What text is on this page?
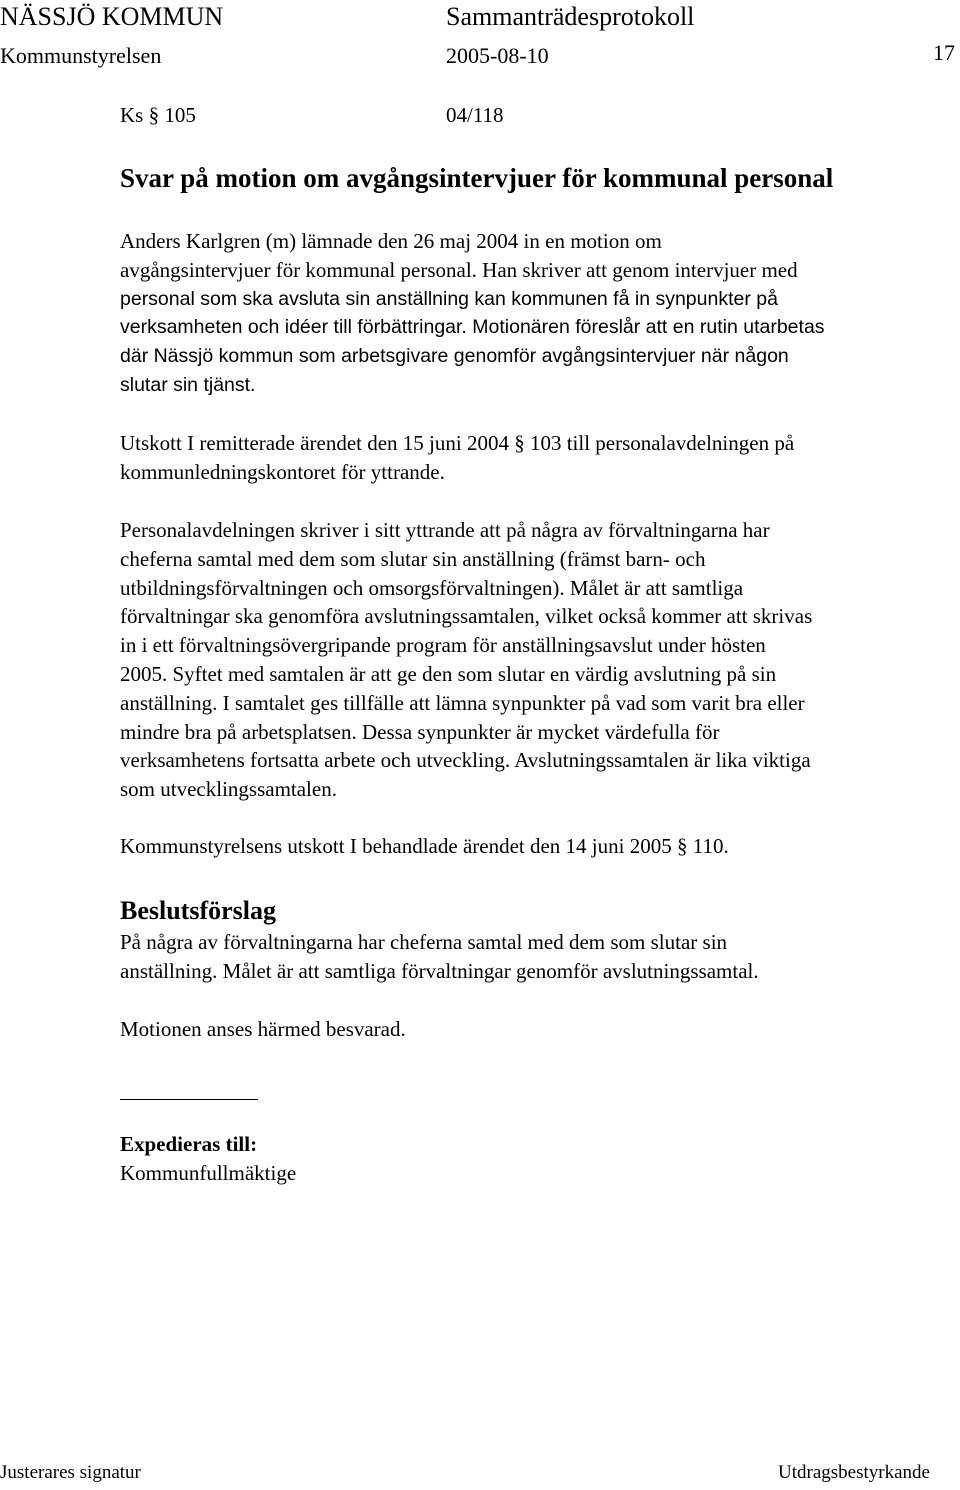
NÄSSJÖ KOMMUN	Sammanträdesprotokoll
Kommunstyrelsen	2005-08-10	17
Ks § 105	04/118
Svar på motion om avgångsintervjuer för kommunal personal
Anders Karlgren (m) lämnade den 26 maj 2004 in en motion om
avgångsintervjuer för kommunal personal. Han skriver att genom intervjuer med
personal som ska avsluta sin anställning kan kommunen få in synpunkter på
verksamheten och idéer till förbättringar. Motionären föreslår att en rutin utarbetas
där Nässjö kommun som arbetsgivare genomför avgångsintervjuer när någon
slutar sin tjänst.
Utskott I remitterade ärendet den 15 juni 2004 § 103 till personalavdelningen på
kommunledningskontoret för yttrande.
Personalavdelningen skriver i sitt yttrande att på några av förvaltningarna har
cheferna samtal med dem som slutar sin anställning (främst barn- och
utbildningsförvaltningen och omsorgsförvaltningen). Målet är att samtliga
förvaltningar ska genomföra avslutningssamtalen, vilket också kommer att skrivas
in i ett förvaltningsövergripande program för anställningsavslut under hösten
2005. Syftet med samtalen är att ge den som slutar en värdig avslutning på sin
anställning. I samtalet ges tillfälle att lämna synpunkter på vad som varit bra eller
mindre bra på arbetsplatsen. Dessa synpunkter är mycket värdefulla för
verksamhetens fortsatta arbete och utveckling. Avslutningssamtalen är lika viktiga
som utvecklingssamtalen.
Kommunstyrelsens utskott I behandlade ärendet den 14 juni 2005 § 110.
Beslutsförslag
På några av förvaltningarna har cheferna samtal med dem som slutar sin
anställning. Målet är att samtliga förvaltningar genomför avslutningssamtal.
Motionen anses härmed besvarad.
Expedieras till:
Kommunfullmäktige
Justerares signatur	Utdragsbestyrkande
